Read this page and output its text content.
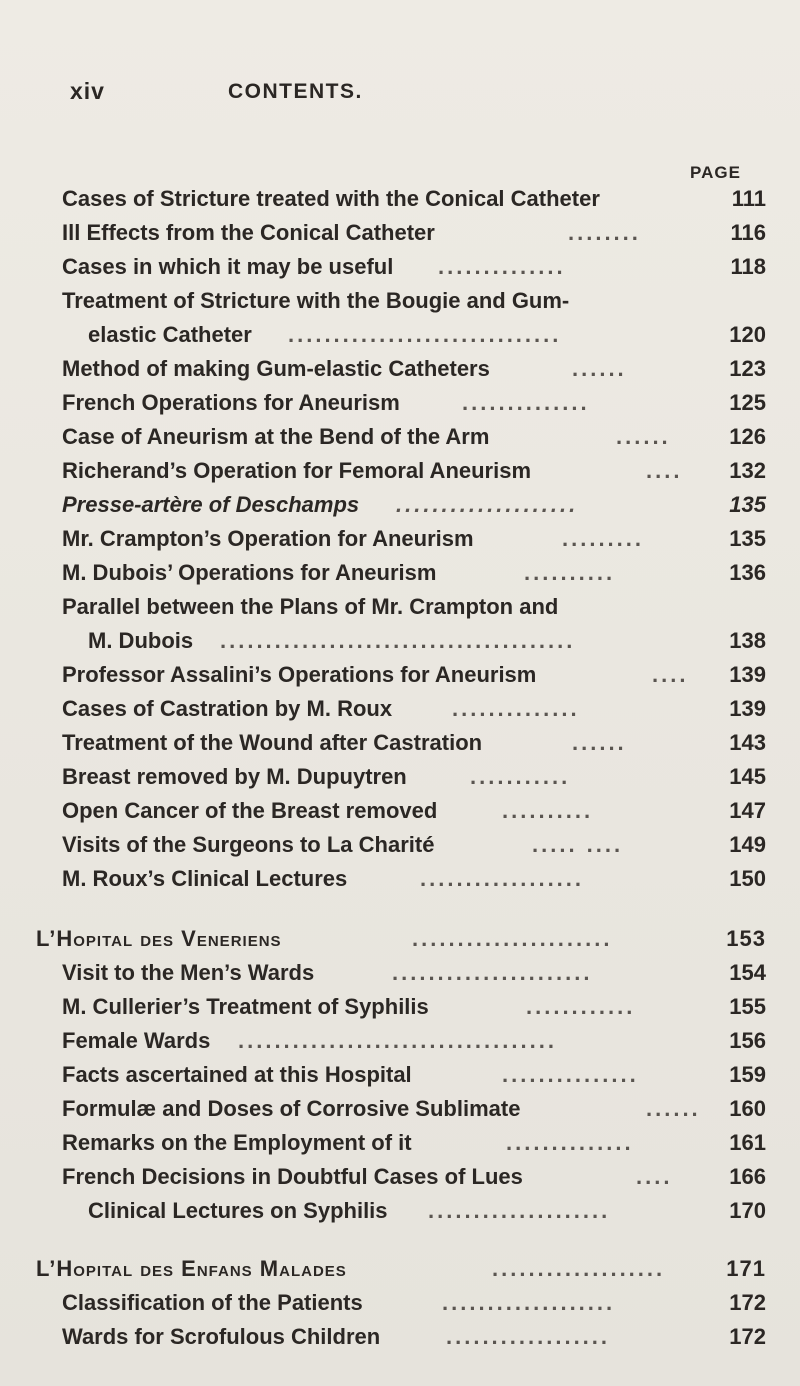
xiv	CONTENTS.
PAGE
Cases of Stricture treated with the Conical Catheter	111
Ill Effects from the Conical Catheter	........	116
Cases in which it may be useful ..............	118
Treatment of Stricture with the Bougie and Gum-
elastic Catheter ..............................	120
Method of making Gum-elastic Catheters	......	123
French Operations for Aneurism	..............	125
Case of Aneurism at the Bend of the Arm	......	126
Richerand’s Operation for Femoral Aneurism	....	132
Presse-artère of Deschamps ....................	135
Mr. Crampton’s Operation for Aneurism	.........	135
M. Dubois’ Operations for Aneurism	..........	136
Parallel between the Plans of Mr. Crampton and
M. Dubois .......................................	138
Professor Assalini’s Operations for Aneurism	....	139
Cases of Castration by M. Roux	..............	139
Treatment of the Wound after Castration	......	143
Breast removed by M. Dupuytren	...........	145
Open Cancer of the Breast removed	..........	147
Visits of the Surgeons to La Charité	..... ....	149
M. Roux’s Clinical Lectures	..................	150
L’Hopital des Veneriens	......................	153
Visit to the Men’s Wards	......................	154
M. Cullerier’s Treatment of Syphilis	............	155
Female Wards ...................................	156
Facts ascertained at this Hospital	...............	159
Formulæ and Doses of Corrosive Sublimate	......	160
Remarks on the Employment of it	..............	161
French Decisions in Doubtful Cases of Lues	....	166
Clinical Lectures on Syphilis ....................	170
L’Hopital des Enfans Malades	...................	171
Classification of the Patients	...................	172
Wards for Scrofulous Children	..................	172
